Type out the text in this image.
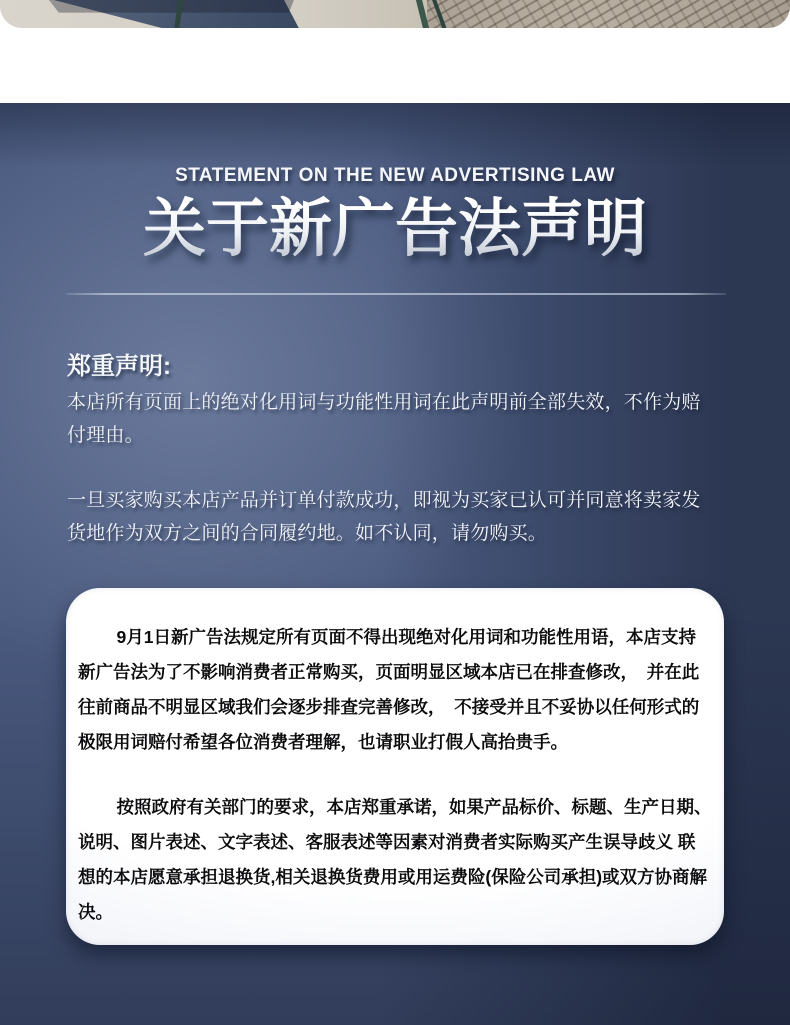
STATEMENT ON THE NEW ADVERTISING LAW
关于新广告法声明
郑重声明:
本店所有页面上的绝对化用词与功能性用词在此声明前全部失效，不作为赔付理由。
一旦买家购买本店产品并订单付款成功，即视为买家已认可并同意将卖家发货地作为双方之间的合同履约地。如不认同，请勿购买。

9月1日新广告法规定所有页面不得出现绝对化用词和功能性用语，本店支持新广告法为了不影响消费者正常购买，页面明显区域本店已在排查修改，　并在此往前商品不明显区域我们会逐步排查完善修改，　不接受并且不妥协以任何形式的极限用词赔付希望各位消费者理解，也请职业打假人高抬贵手。

按照政府有关部门的要求，本店郑重承诺，如果产品标价、标题、生产日期、　说明、图片表述、文字表述、客服表述等因素对消费者实际购买产生误导歧义 联想的本店愿意承担退换货,相关退换货费用或用运费险(保险公司承担)或双方协商解决。
